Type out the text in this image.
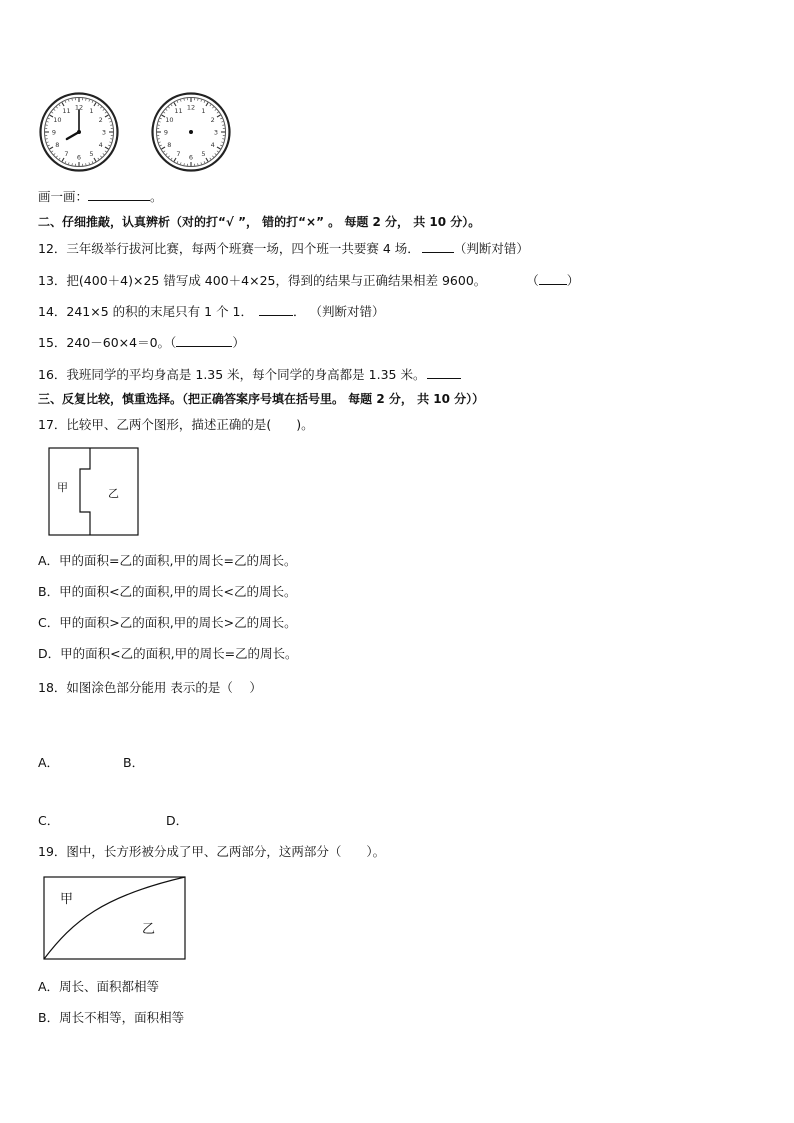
12 1
2
3
4
5
6
7
8
9
10
11	12 1
2
3
4
5
6
7
8
9
10
11
画一画：	。
二、仔细推敲，认真辨析（对的打“√ ”， 错的打“×” 。 每题 2 分， 共 10 分）。
12．三年级举行拔河比赛，每两个班赛一场，四个班一共要赛 4 场．	（判断对错）
13．把(400＋4)×25 错写成 400＋4×25，得到的结果与正确结果相差 9600。	（ ）
14．241×5 的积的末尾只有 1 个 1．	． （判断对错）
15．240－60×4＝0。（	）
16．我班同学的平均身高是 1.35 米，每个同学的身高都是 1.35 米。
三、反复比较，慎重选择。（把正确答案序号填在括号里。 每题 2 分， 共 10 分））
17．比较甲、乙两个图形，描述正确的是(　　)。
甲	乙
A．甲的面积=乙的面积,甲的周长=乙的周长。
B．甲的面积<乙的面积,甲的周长<乙的周长。
C．甲的面积>乙的面积,甲的周长>乙的周长。
D．甲的面积<乙的面积,甲的周长=乙的周长。
18．如图涂色部分能用 表示的是（　 ）
A．	B．
C．	D．
19．图中，长方形被分成了甲、乙两部分，这两部分（　　）。
甲
乙
A．周长、面积都相等
B．周长不相等，面积相等
